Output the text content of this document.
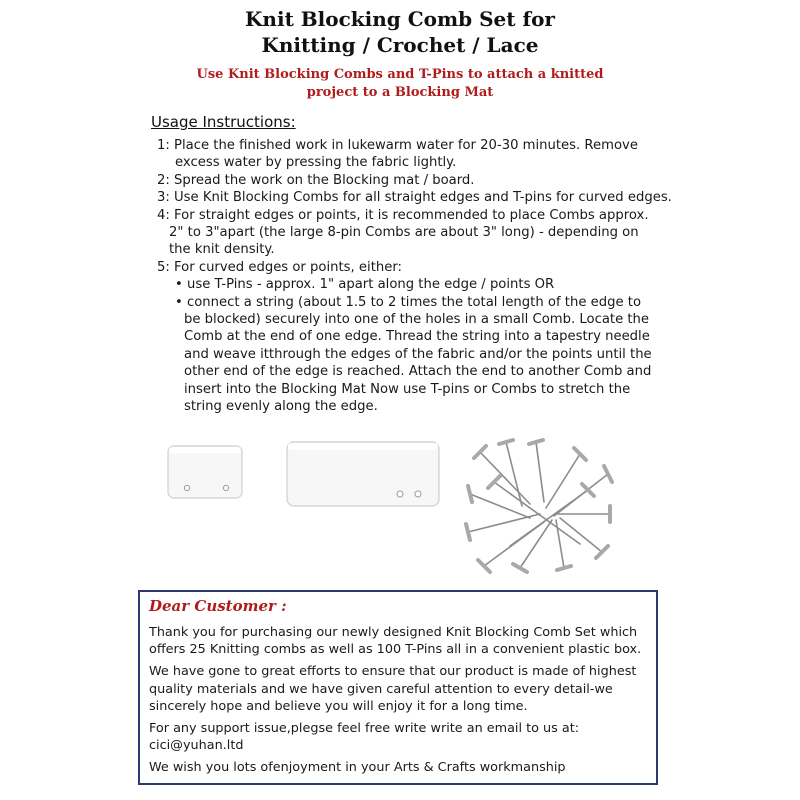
Knit Blocking Comb Set for
Knitting / Crochet / Lace
Use Knit Blocking Combs and T-Pins to attach a knitted
project to a Blocking Mat
Usage Instructions:

1: Place the finished work in lukewarm water for 20-30 minutes. Remove

excess water by pressing the fabric lightly.

2: Spread the work on the Blocking mat / board.

3: Use Knit Blocking Combs for all straight edges and T-pins for curved edges.

4: For straight edges or points, it is recommended to place Combs approx.

2" to 3"apart (the large 8-pin Combs are about 3" long) - depending on

the knit density.

5: For curved edges or points, either:

• use T-Pins - approx. 1" apart along the edge / points OR

• connect a string (about 1.5 to 2 times the total length of the edge to

be blocked) securely into one of the holes in a small Comb. Locate the

Comb at the end of one edge. Thread the string into a tapestry needle

and weave itthrough the edges of the fabric and/or the points until the

other end of the edge is reached. Attach the end to another Comb and

insert into the Blocking Mat Now use T-pins or Combs to stretch the

string evenly along the edge.

Dear Customer :

Thank you for purchasing our newly designed Knit Blocking Comb Set which offers 25 Knitting combs as well as 100 T-Pins all in a convenient plastic box.

We have gone to great efforts to ensure that our product is made of highest quality materials and we have given careful attention to every detail-we sincerely hope and believe you will enjoy it for a long time.

For any support issue,plegse feel free write write an email to us at:
cici@yuhan.ltd

We wish you lots ofenjoyment in your Arts & Crafts workmanship
